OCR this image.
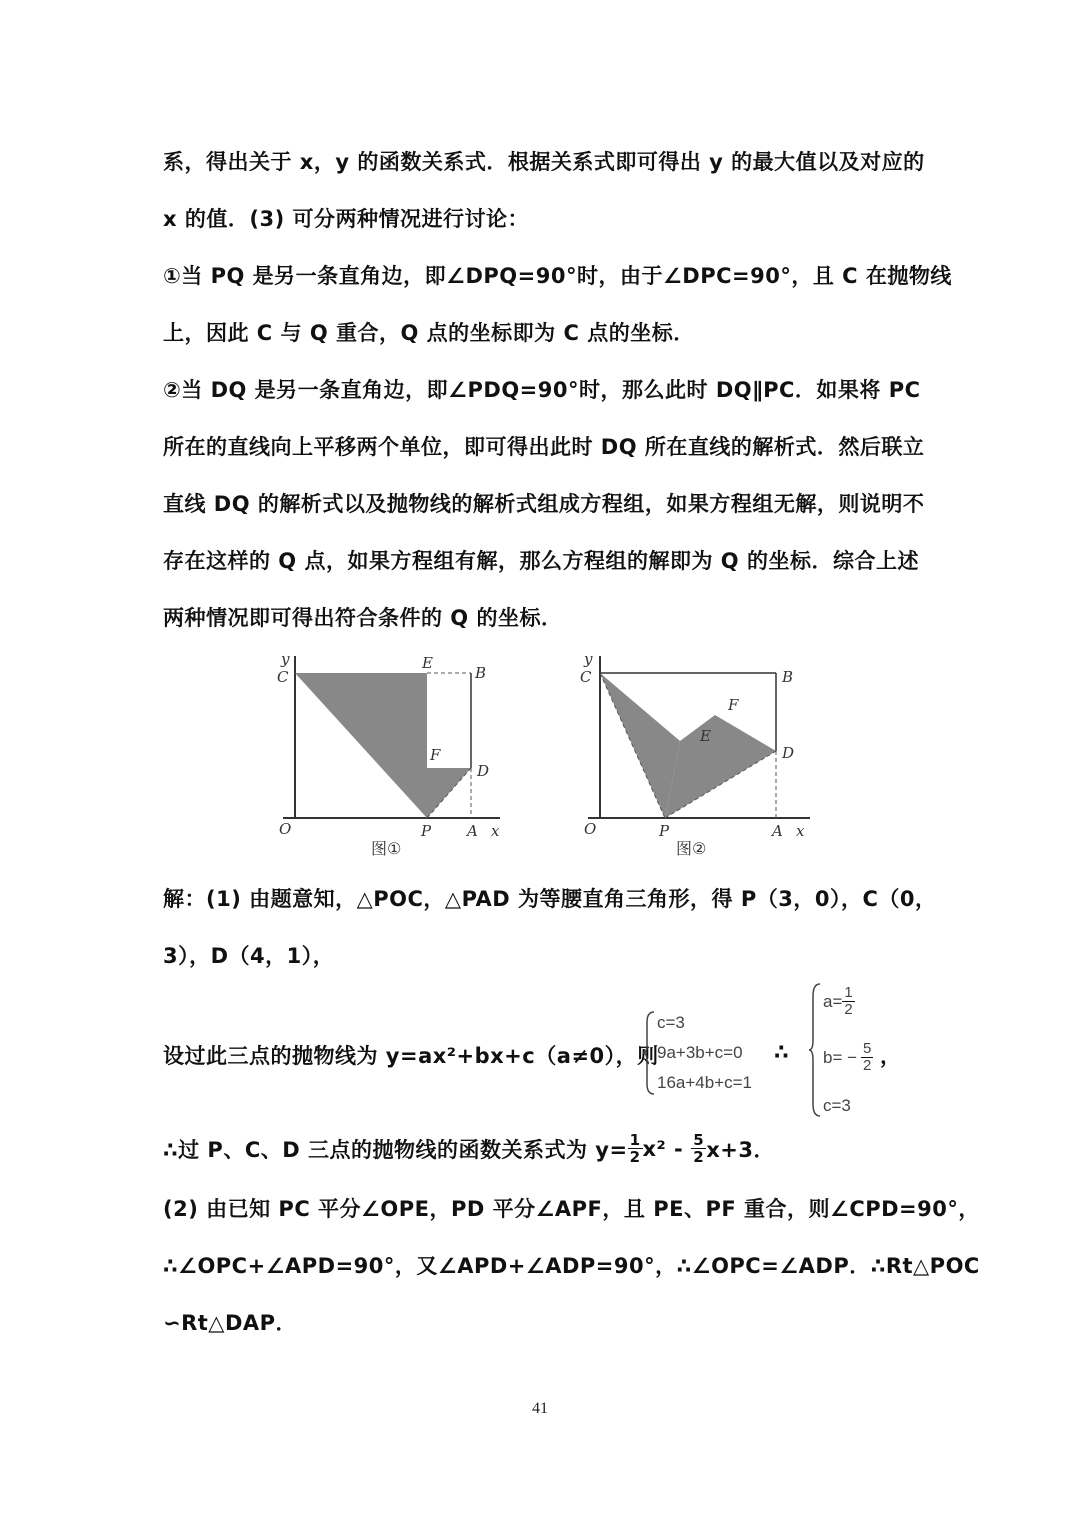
系，得出关于 x，y 的函数关系式．根据关系式即可得出 y 的最大值以及对应的
x 的值．(3) 可分两种情况进行讨论：
①当 PQ 是另一条直角边，即∠DPQ=90°时，由于∠DPC=90°，且 C 在抛物线
上，因此 C 与 Q 重合，Q 点的坐标即为 C 点的坐标．
②当 DQ 是另一条直角边，即∠PDQ=90°时，那么此时 DQ∥PC．如果将 PC
所在的直线向上平移两个单位，即可得出此时 DQ 所在直线的解析式．然后联立
直线 DQ 的解析式以及抛物线的解析式组成方程组，如果方程组无解，则说明不
存在这样的 Q 点，如果方程组有解，那么方程组的解即为 Q 的坐标．综合上述
两种情况即可得出符合条件的 Q 的坐标．
y
C
E
B
F
D
O	P A x
图①
y
C	B
F
E
D
O	P	A x
图②
解：(1) 由题意知，△POC，△PAD 为等腰直角三角形，得 P（3，0），C（0，
3），D（4，1），
设过此三点的抛物线为 y=ax²+bx+c（a≠0），则
c=3
9a+3b+c=0
16a+4b+c=1
∴
$a= \frac{1}{2}$
$b= - \frac{5}{2}$
c=3
，
∴过 P、C、D 三点的抛物线的函数关系式为 $y= \frac{1}{2} x^2 - \frac{5}{2} x+3$．
(2) 由已知 PC 平分∠OPE，PD 平分∠APF，且 PE、PF 重合，则∠CPD=90°，
∴∠OPC+∠APD=90°，又∠APD+∠ADP=90°，∴∠OPC=∠ADP．∴Rt△POC
∽Rt△DAP．
41
